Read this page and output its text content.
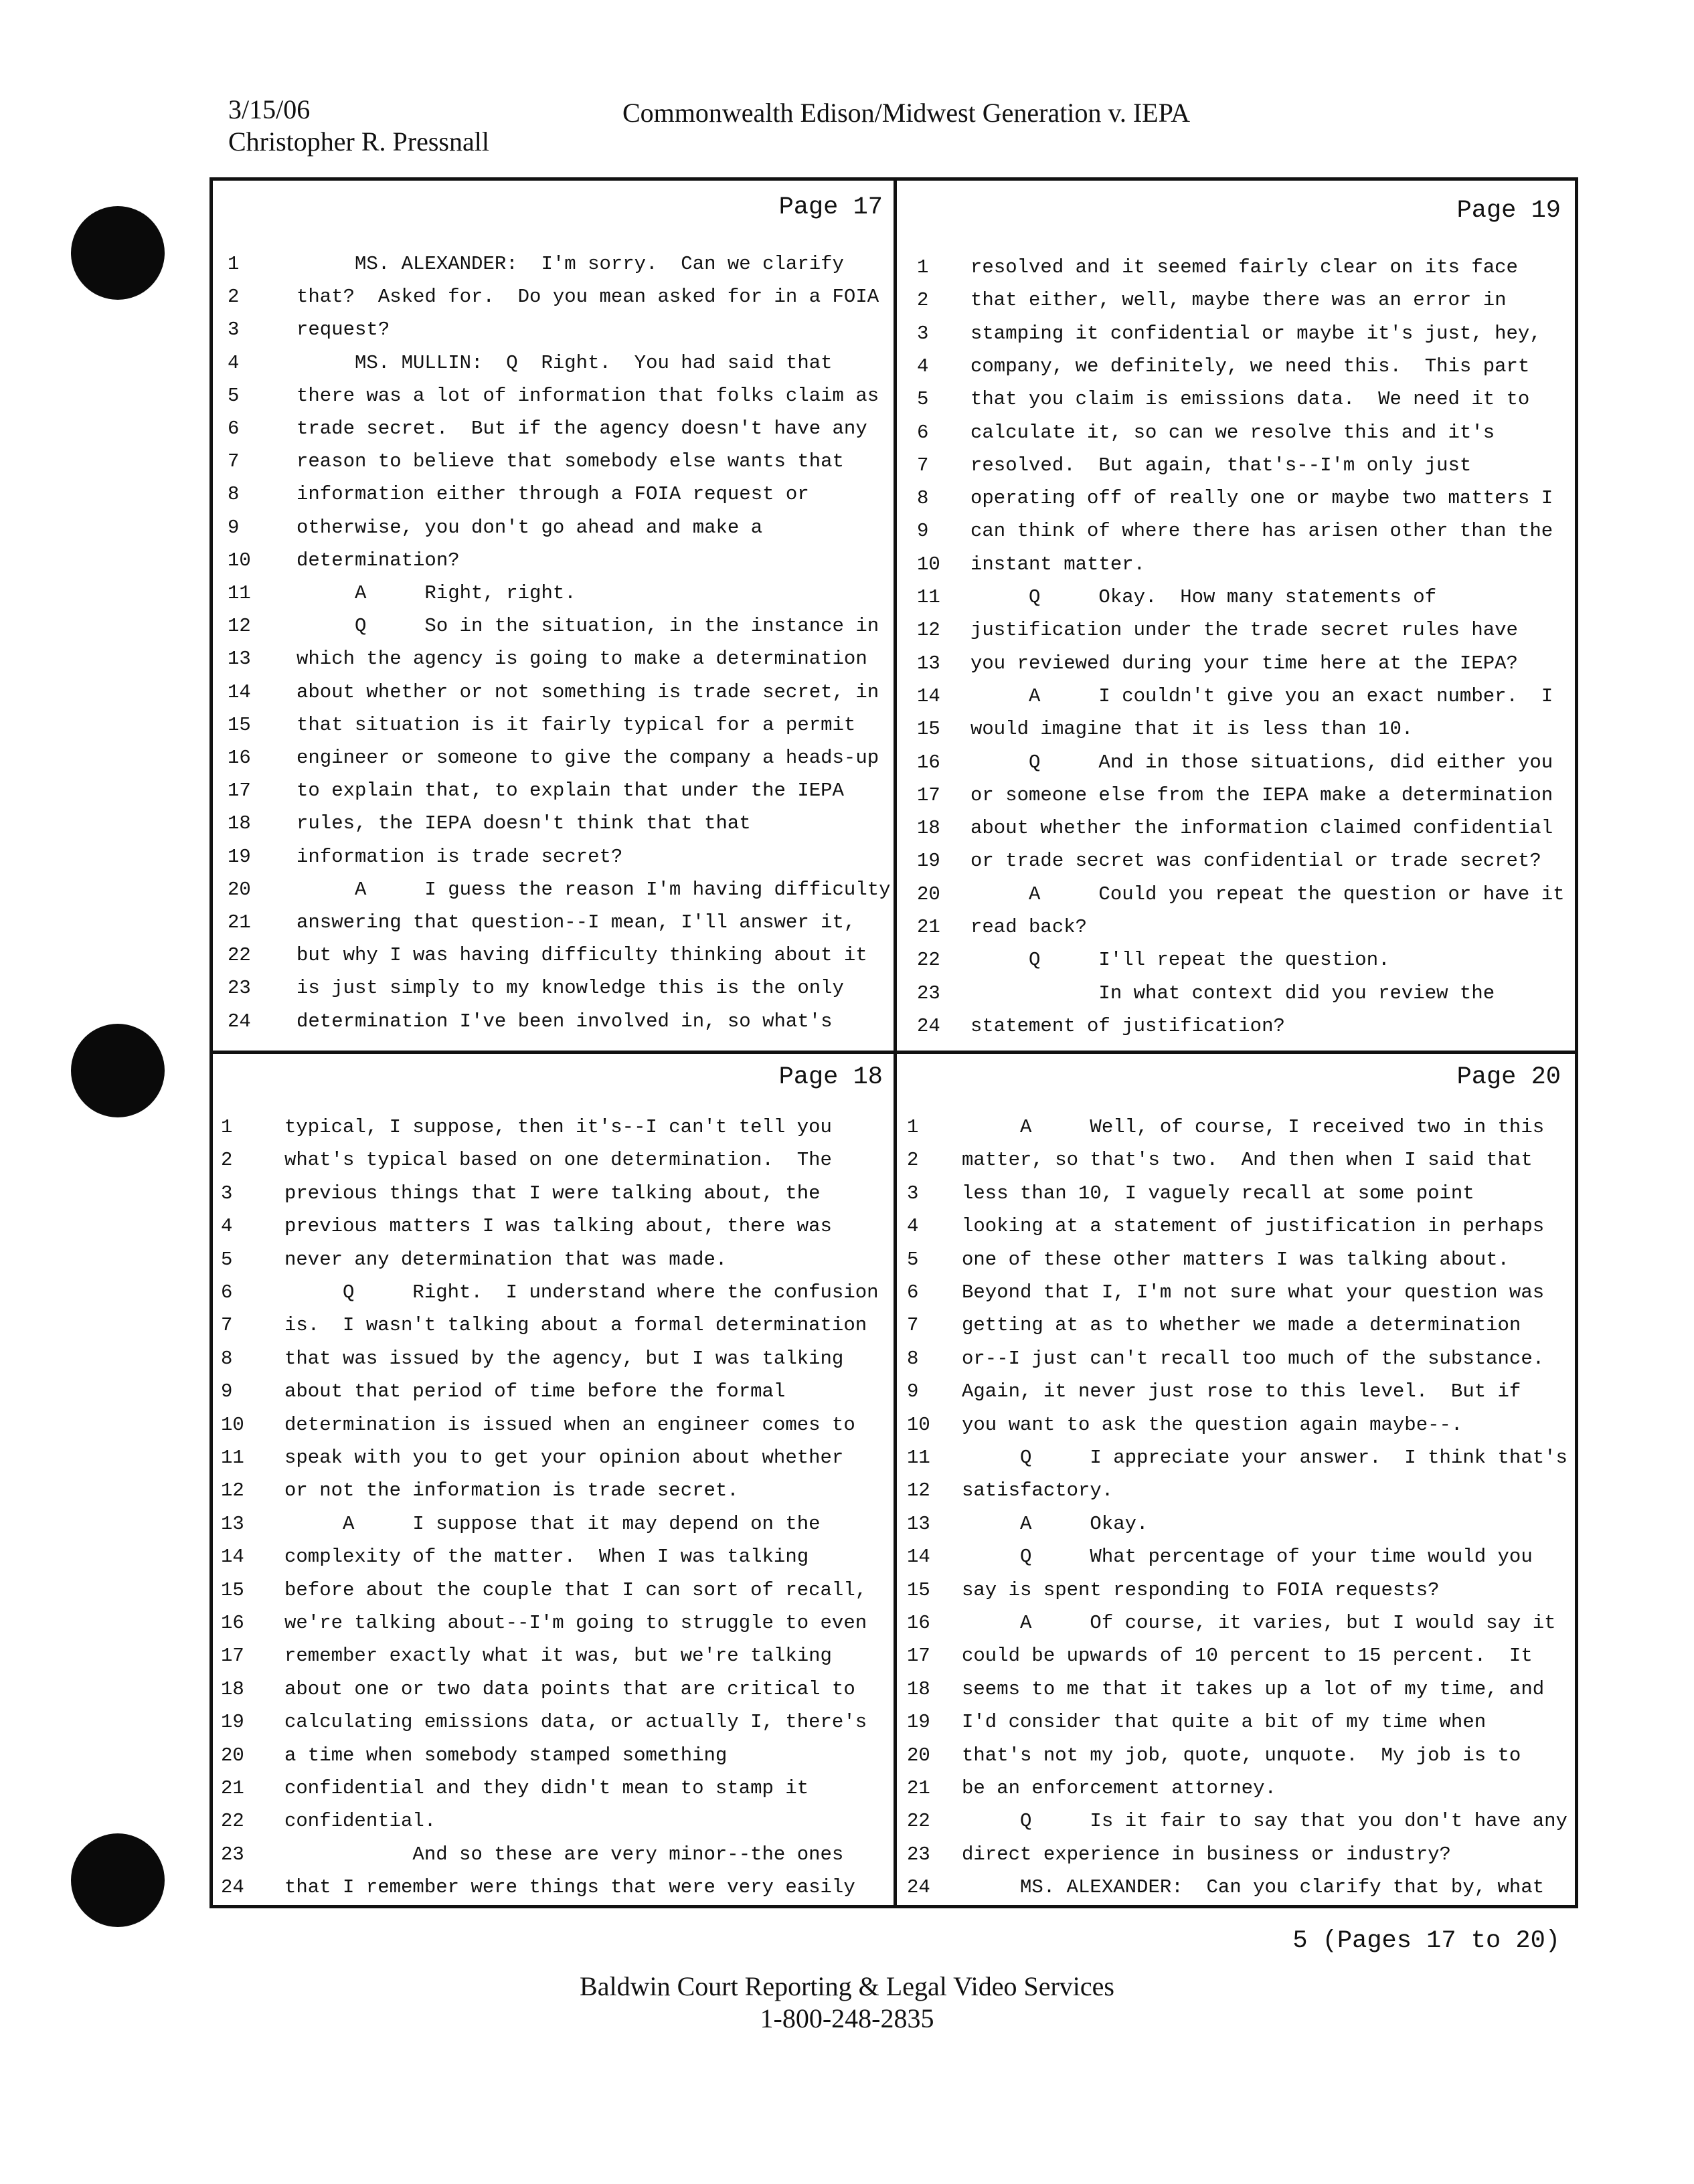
3/15/06
Christopher R. Pressnall
Commonwealth Edison/Midwest Generation v. IEPA
Page 17
1	MS. ALEXANDER:  I'm sorry.  Can we clarify
2	that?  Asked for.  Do you mean asked for in a FOIA
3	request?
4	MS. MULLIN:  Q  Right.  You had said that
5	there was a lot of information that folks claim as
6	trade secret.  But if the agency doesn't have any
7	reason to believe that somebody else wants that
8	information either through a FOIA request or
9	otherwise, you don't go ahead and make a
10	determination?
11	A     Right, right.
12	Q     So in the situation, in the instance in
13	which the agency is going to make a determination
14	about whether or not something is trade secret, in
15	that situation is it fairly typical for a permit
16	engineer or someone to give the company a heads-up
17	to explain that, to explain that under the IEPA
18	rules, the IEPA doesn't think that that
19	information is trade secret?
20	A     I guess the reason I'm having difficulty
21	answering that question--I mean, I'll answer it,
22	but why I was having difficulty thinking about it
23	is just simply to my knowledge this is the only
24	determination I've been involved in, so what's
Page 19
1	resolved and it seemed fairly clear on its face
2	that either, well, maybe there was an error in
3	stamping it confidential or maybe it's just, hey,
4	company, we definitely, we need this.  This part
5	that you claim is emissions data.  We need it to
6	calculate it, so can we resolve this and it's
7	resolved.  But again, that's--I'm only just
8	operating off of really one or maybe two matters I
9	can think of where there has arisen other than the
10	instant matter.
11	Q     Okay.  How many statements of
12	justification under the trade secret rules have
13	you reviewed during your time here at the IEPA?
14	A     I couldn't give you an exact number.  I
15	would imagine that it is less than 10.
16	Q     And in those situations, did either you
17	or someone else from the IEPA make a determination
18	about whether the information claimed confidential
19	or trade secret was confidential or trade secret?
20	A     Could you repeat the question or have it
21	read back?
22	Q     I'll repeat the question.
23	In what context did you review the
24	statement of justification?
Page 18
1	typical, I suppose, then it's--I can't tell you
2	what's typical based on one determination.  The
3	previous things that I were talking about, the
4	previous matters I was talking about, there was
5	never any determination that was made.
6	Q     Right.  I understand where the confusion
7	is.  I wasn't talking about a formal determination
8	that was issued by the agency, but I was talking
9	about that period of time before the formal
10	determination is issued when an engineer comes to
11	speak with you to get your opinion about whether
12	or not the information is trade secret.
13	A     I suppose that it may depend on the
14	complexity of the matter.  When I was talking
15	before about the couple that I can sort of recall,
16	we're talking about--I'm going to struggle to even
17	remember exactly what it was, but we're talking
18	about one or two data points that are critical to
19	calculating emissions data, or actually I, there's
20	a time when somebody stamped something
21	confidential and they didn't mean to stamp it
22	confidential.
23	And so these are very minor--the ones
24	that I remember were things that were very easily
Page 20
1	A     Well, of course, I received two in this
2	matter, so that's two.  And then when I said that
3	less than 10, I vaguely recall at some point
4	looking at a statement of justification in perhaps
5	one of these other matters I was talking about.
6	Beyond that I, I'm not sure what your question was
7	getting at as to whether we made a determination
8	or--I just can't recall too much of the substance.
9	Again, it never just rose to this level.  But if
10	you want to ask the question again maybe--.
11	Q     I appreciate your answer.  I think that's
12	satisfactory.
13	A     Okay.
14	Q     What percentage of your time would you
15	say is spent responding to FOIA requests?
16	A     Of course, it varies, but I would say it
17	could be upwards of 10 percent to 15 percent.  It
18	seems to me that it takes up a lot of my time, and
19	I'd consider that quite a bit of my time when
20	that's not my job, quote, unquote.  My job is to
21	be an enforcement attorney.
22	Q     Is it fair to say that you don't have any
23	direct experience in business or industry?
24	MS. ALEXANDER:  Can you clarify that by, what
5 (Pages 17 to 20)
Baldwin Court Reporting & Legal Video Services
1-800-248-2835
